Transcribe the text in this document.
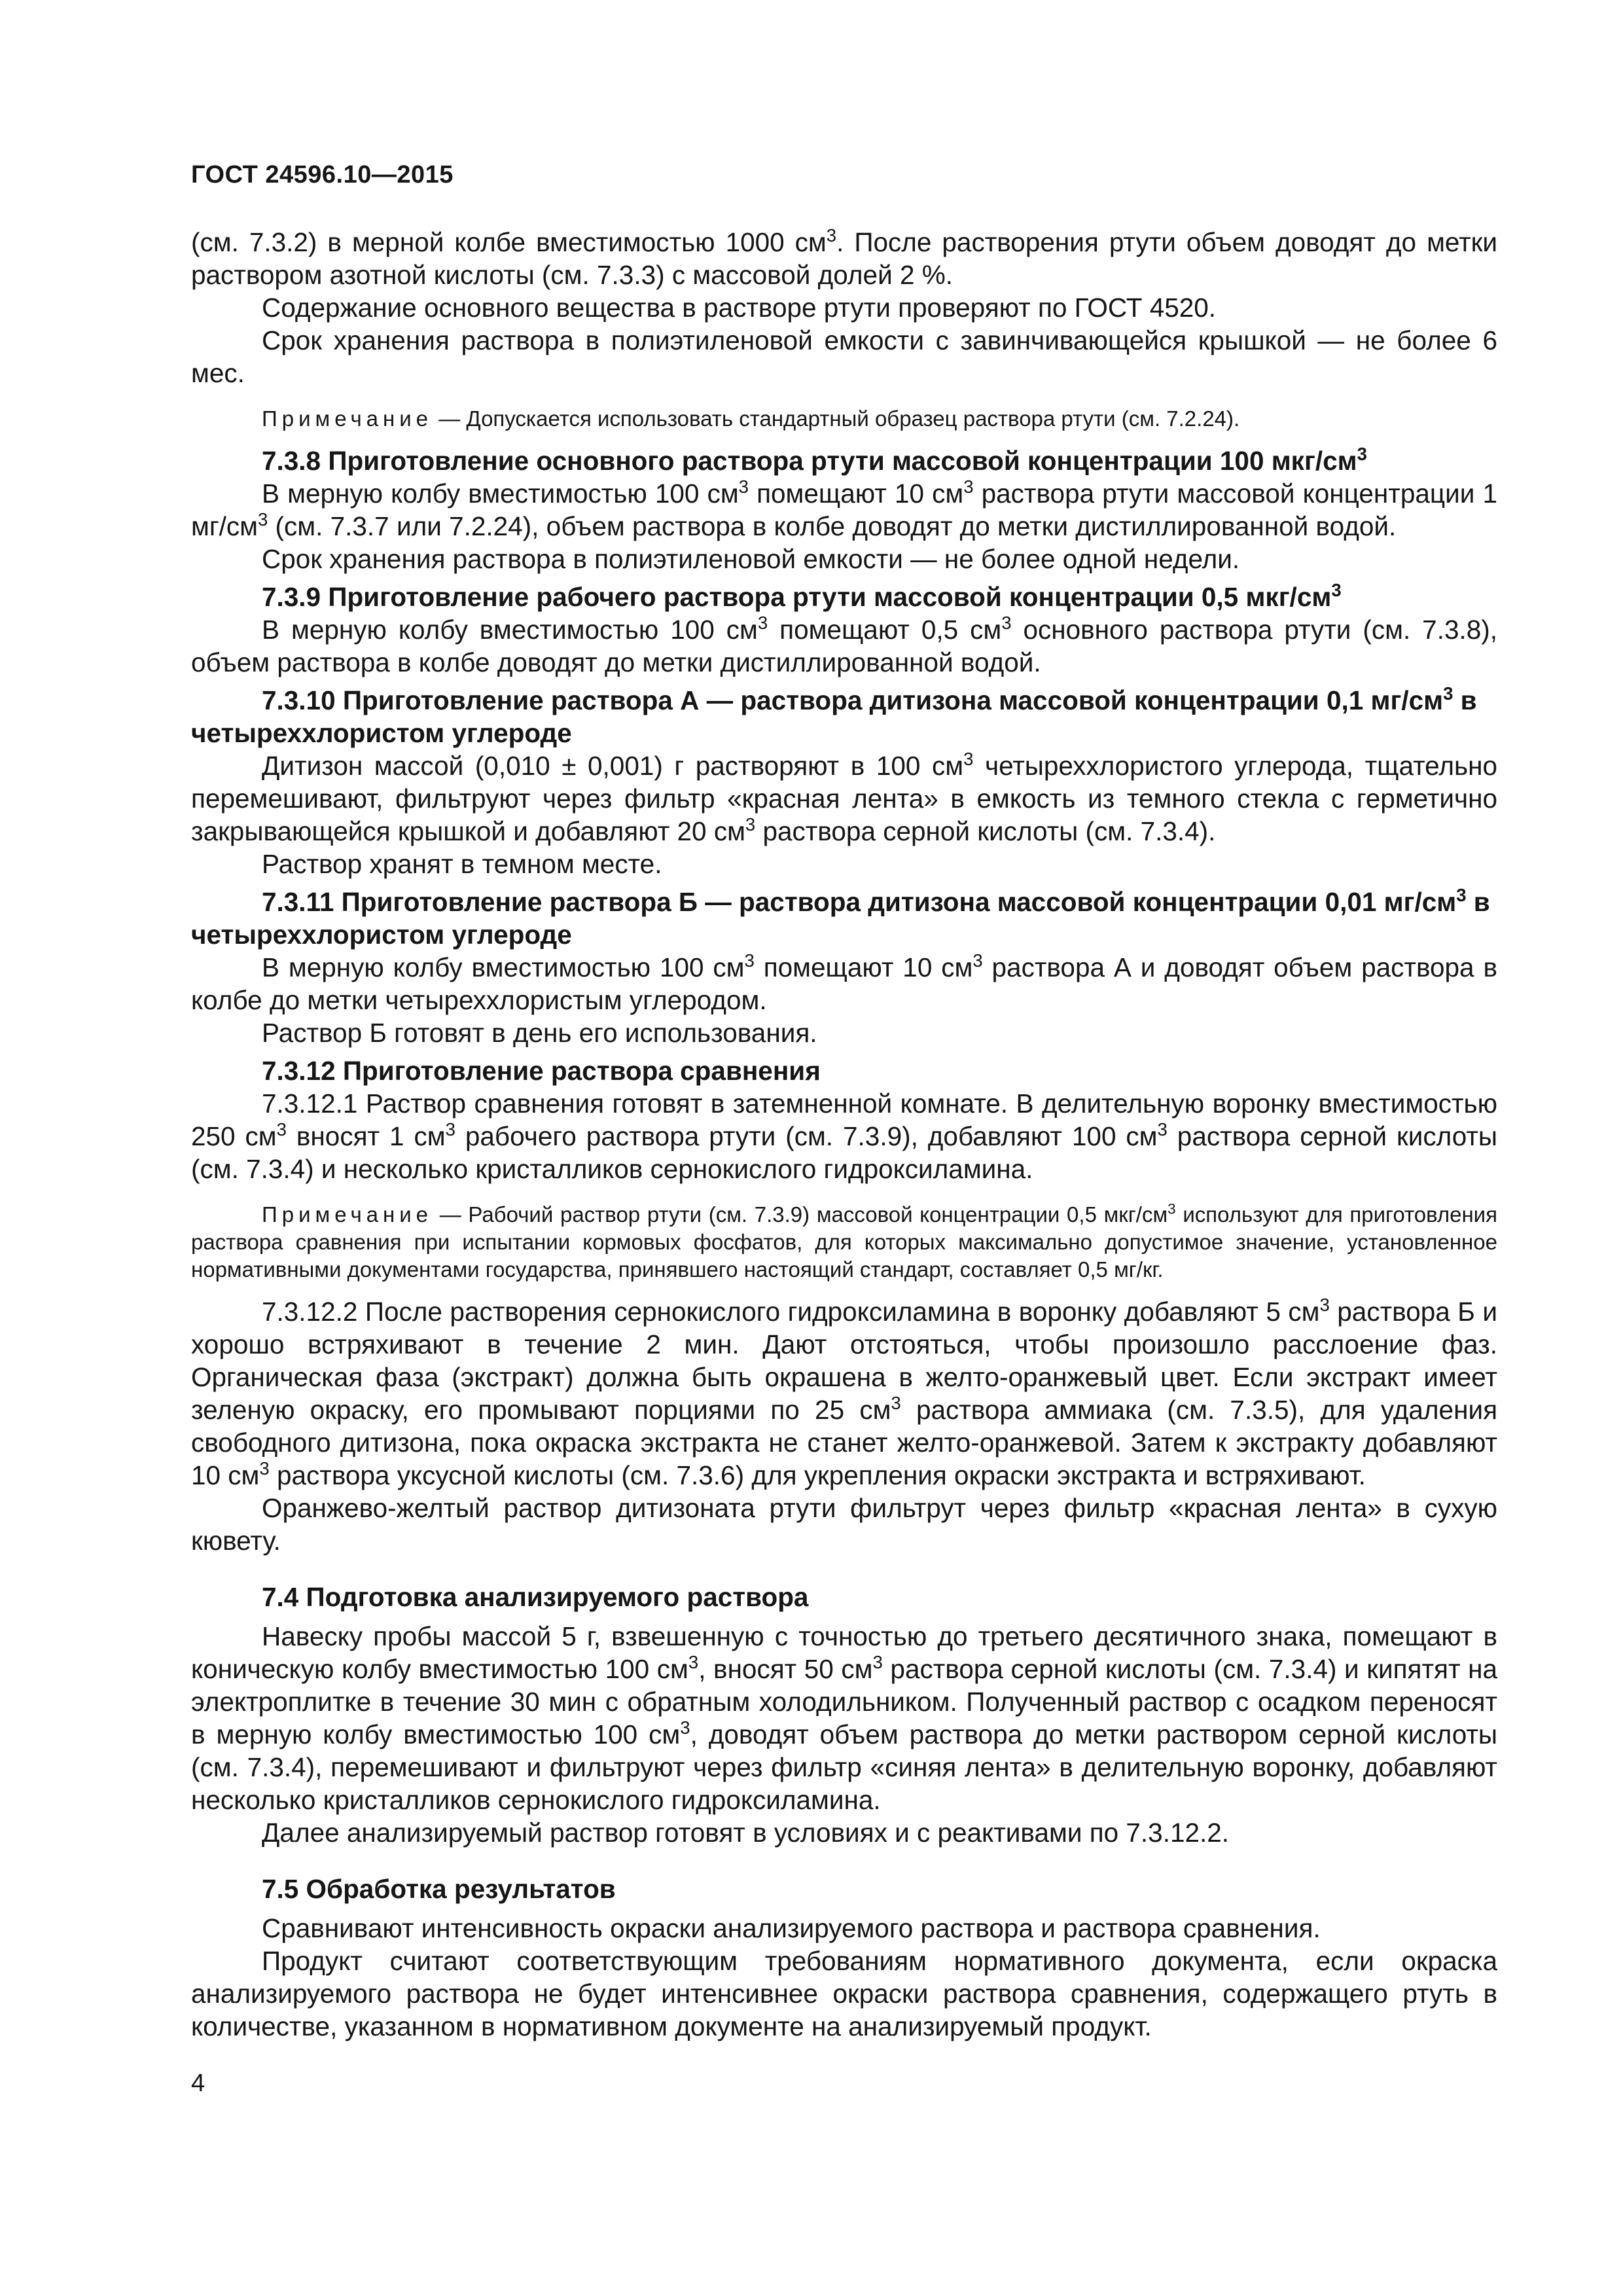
ГОСТ 24596.10—2015

(см. 7.3.2) в мерной колбе вместимостью 1000 $см^3$. После растворения ртути объем доводят до метки раствором азотной кислоты (см. 7.3.3) с массовой долей 2 %.

Содержание основного вещества в растворе ртути проверяют по ГОСТ 4520.

Срок хранения раствора в полиэтиленовой емкости с завинчивающейся крышкой — не более 6 мес.

Примечание — Допускается использовать стандартный образец раствора ртути (см. 7.2.24).

7.3.8 Приготовление основного раствора ртути массовой концентрации 100 мкг/$см^3$

В мерную колбу вместимостью 100 $см^3$ помещают 10 $см^3$ раствора ртути массовой концентрации 1 $мг/см^3$ (см. 7.3.7 или 7.2.24), объем раствора в колбе доводят до метки дистиллированной водой.

Срок хранения раствора в полиэтиленовой емкости — не более одной недели.

7.3.9 Приготовление рабочего раствора ртути массовой концентрации 0,5 мкг/$см^3$

В мерную колбу вместимостью 100 $см^3$ помещают 0,5 $см^3$ основного раствора ртути (см. 7.3.8), объем раствора в колбе доводят до метки дистиллированной водой.

7.3.10 Приготовление раствора А — раствора дитизона массовой концентрации 0,1 $мг/см^3$ в четыреххлористом углероде

Дитизон массой (0,010 ± 0,001) г растворяют в 100 $см^3$ четыреххлористого углерода, тщательно перемешивают, фильтруют через фильтр «красная лента» в емкость из темного стекла с герметично закрывающейся крышкой и добавляют 20 $см^3$ раствора серной кислоты (см. 7.3.4).

Раствор хранят в темном месте.

7.3.11 Приготовление раствора Б — раствора дитизона массовой концентрации 0,01 $мг/см^3$ в четыреххлористом углероде

В мерную колбу вместимостью 100 $см^3$ помещают 10 $см^3$ раствора А и доводят объем раствора в колбе до метки четыреххлористым углеродом.

Раствор Б готовят в день его использования.

7.3.12 Приготовление раствора сравнения

7.3.12.1 Раствор сравнения готовят в затемненной комнате. В делительную воронку вместимостью 250 $см^3$ вносят 1 $см^3$ рабочего раствора ртути (см. 7.3.9), добавляют 100 $см^3$ раствора серной кислоты (см. 7.3.4) и несколько кристалликов сернокислого гидроксиламина.

Примечание — Рабочий раствор ртути (см. 7.3.9) массовой концентрации 0,5 мкг/$см^3$ используют для приготовления раствора сравнения при испытании кормовых фосфатов, для которых максимально допустимое значение, установленное нормативными документами государства, принявшего настоящий стандарт, составляет 0,5 мг/кг.

7.3.12.2 После растворения сернокислого гидроксиламина в воронку добавляют 5 $см^3$ раствора Б и хорошо встряхивают в течение 2 мин. Дают отстояться, чтобы произошло расслоение фаз. Органическая фаза (экстракт) должна быть окрашена в желто-оранжевый цвет. Если экстракт имеет зеленую окраску, его промывают порциями по 25 $см^3$ раствора аммиака (см. 7.3.5), для удаления свободного дитизона, пока окраска экстракта не станет желто-оранжевой. Затем к экстракту добавляют 10 $см^3$ раствора уксусной кислоты (см. 7.3.6) для укрепления окраски экстракта и встряхивают.

Оранжево-желтый раствор дитизоната ртути фильтрут через фильтр «красная лента» в сухую кювету.

7.4 Подготовка анализируемого раствора

Навеску пробы массой 5 г, взвешенную с точностью до третьего десятичного знака, помещают в коническую колбу вместимостью 100 $см^3$, вносят 50 $см^3$ раствора серной кислоты (см. 7.3.4) и кипятят на электроплитке в течение 30 мин с обратным холодильником. Полученный раствор с осадком переносят в мерную колбу вместимостью 100 $см^3$, доводят объем раствора до метки раствором серной кислоты (см. 7.3.4), перемешивают и фильтруют через фильтр «синяя лента» в делительную воронку, добавляют несколько кристалликов сернокислого гидроксиламина.

Далее анализируемый раствор готовят в условиях и с реактивами по 7.3.12.2.

7.5 Обработка результатов

Сравнивают интенсивность окраски анализируемого раствора и раствора сравнения.

Продукт считают соответствующим требованиям нормативного документа, если окраска анализируемого раствора не будет интенсивнее окраски раствора сравнения, содержащего ртуть в количестве, указанном в нормативном документе на анализируемый продукт.

4
